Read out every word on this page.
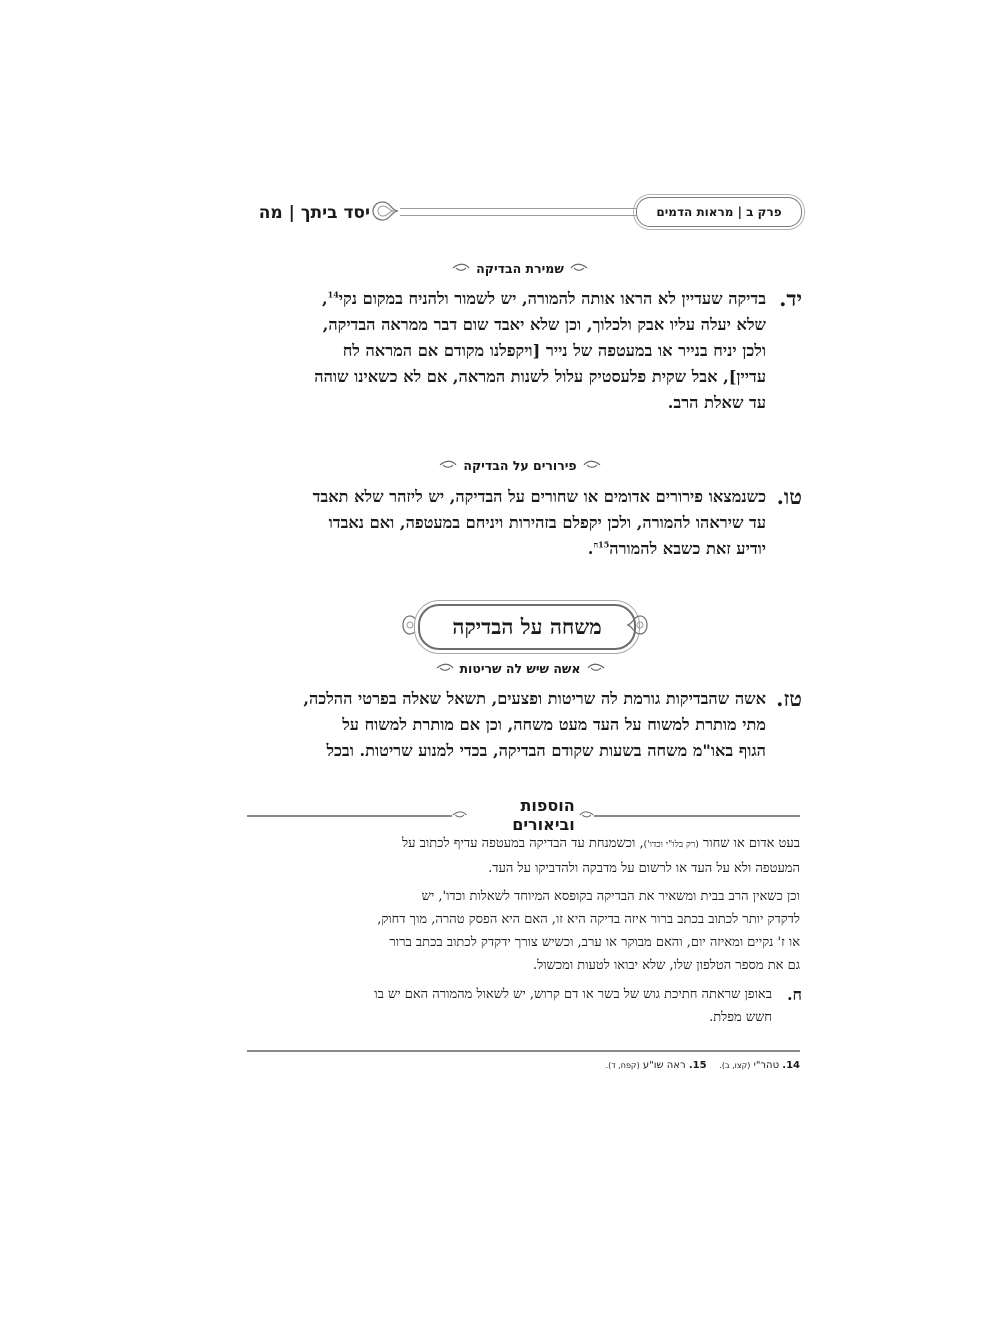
פרק ב | מראות הדמים
יסד ביתך | מה
שמירת הבדיקה
יד.
בדיקה שעדיין לא הראו אותה להמורה, יש לשמור ולהניח במקום נקי$^{14}$,
שלא יעלה עליו אבק ולכלוך, וכן שלא יאבד שום דבר ממראה הבדיקה,
ולכן יניח בנייר או במעטפה של נייר [ויקפלנו מקודם אם המראה לח
עדיין], אבל שקית פלעסטיק עלול לשנות המראה, אם לא כשאינו שוהה
עד שאלת הרב.
פירורים על הבדיקה
טו.
כשנמצאו פירורים אדומים או שחורים על הבדיקה, יש ליזהר שלא תאבד
עד שיראהו להמורה, ולכן יקפלם בזהירות ויניחם במעטפה, ואם נאבדו
יודיע זאת כשבא להמורה$^{15ח}$.
משחה על הבדיקה
אשה שיש לה שריטות
טז.
אשה שהבדיקות גורמת לה שריטות ופצעים, תשאל שאלה בפרטי ההלכה,
מתי מותרת למשוח על העד מעט משחה, וכן אם מותרת למשוח על
הגוף באו"מ משחה בשעות שקודם הבדיקה, בכדי למנוע שריטות. ובכל
הוספות וביאורים
בעט אדום או שחור (רק בלו"י וכדו'), וכשמנחת עד הבדיקה במעטפה עדיף לכתוב על
המעטפה ולא על העד או לרשום על מדבקה ולהדביקו על העד.
וכן כשאין הרב בבית ומשאיר את הבדיקה בקופסא המיוחד לשאלות וכדו', יש
לדקדק יותר לכתוב בכתב ברור איזה בדיקה היא זו, האם היא הפסק טהרה, מוך דחוק,
או ז' נקיים ומאיזה יום, והאם מבוקר או ערב, וכשיש צורך ידקדק לכתוב בכתב ברור
גם את מספר הטלפון שלו, שלא יבואו לטעות ומכשול.
ח.
באופן שראתה חתיכת גוש של בשר או דם קרוש, יש לשאול מהמורה האם יש בו
חשש מפלת.
14. טהר"י (קצו, ב).    15. ראה שו"ע (קפח, ד).
